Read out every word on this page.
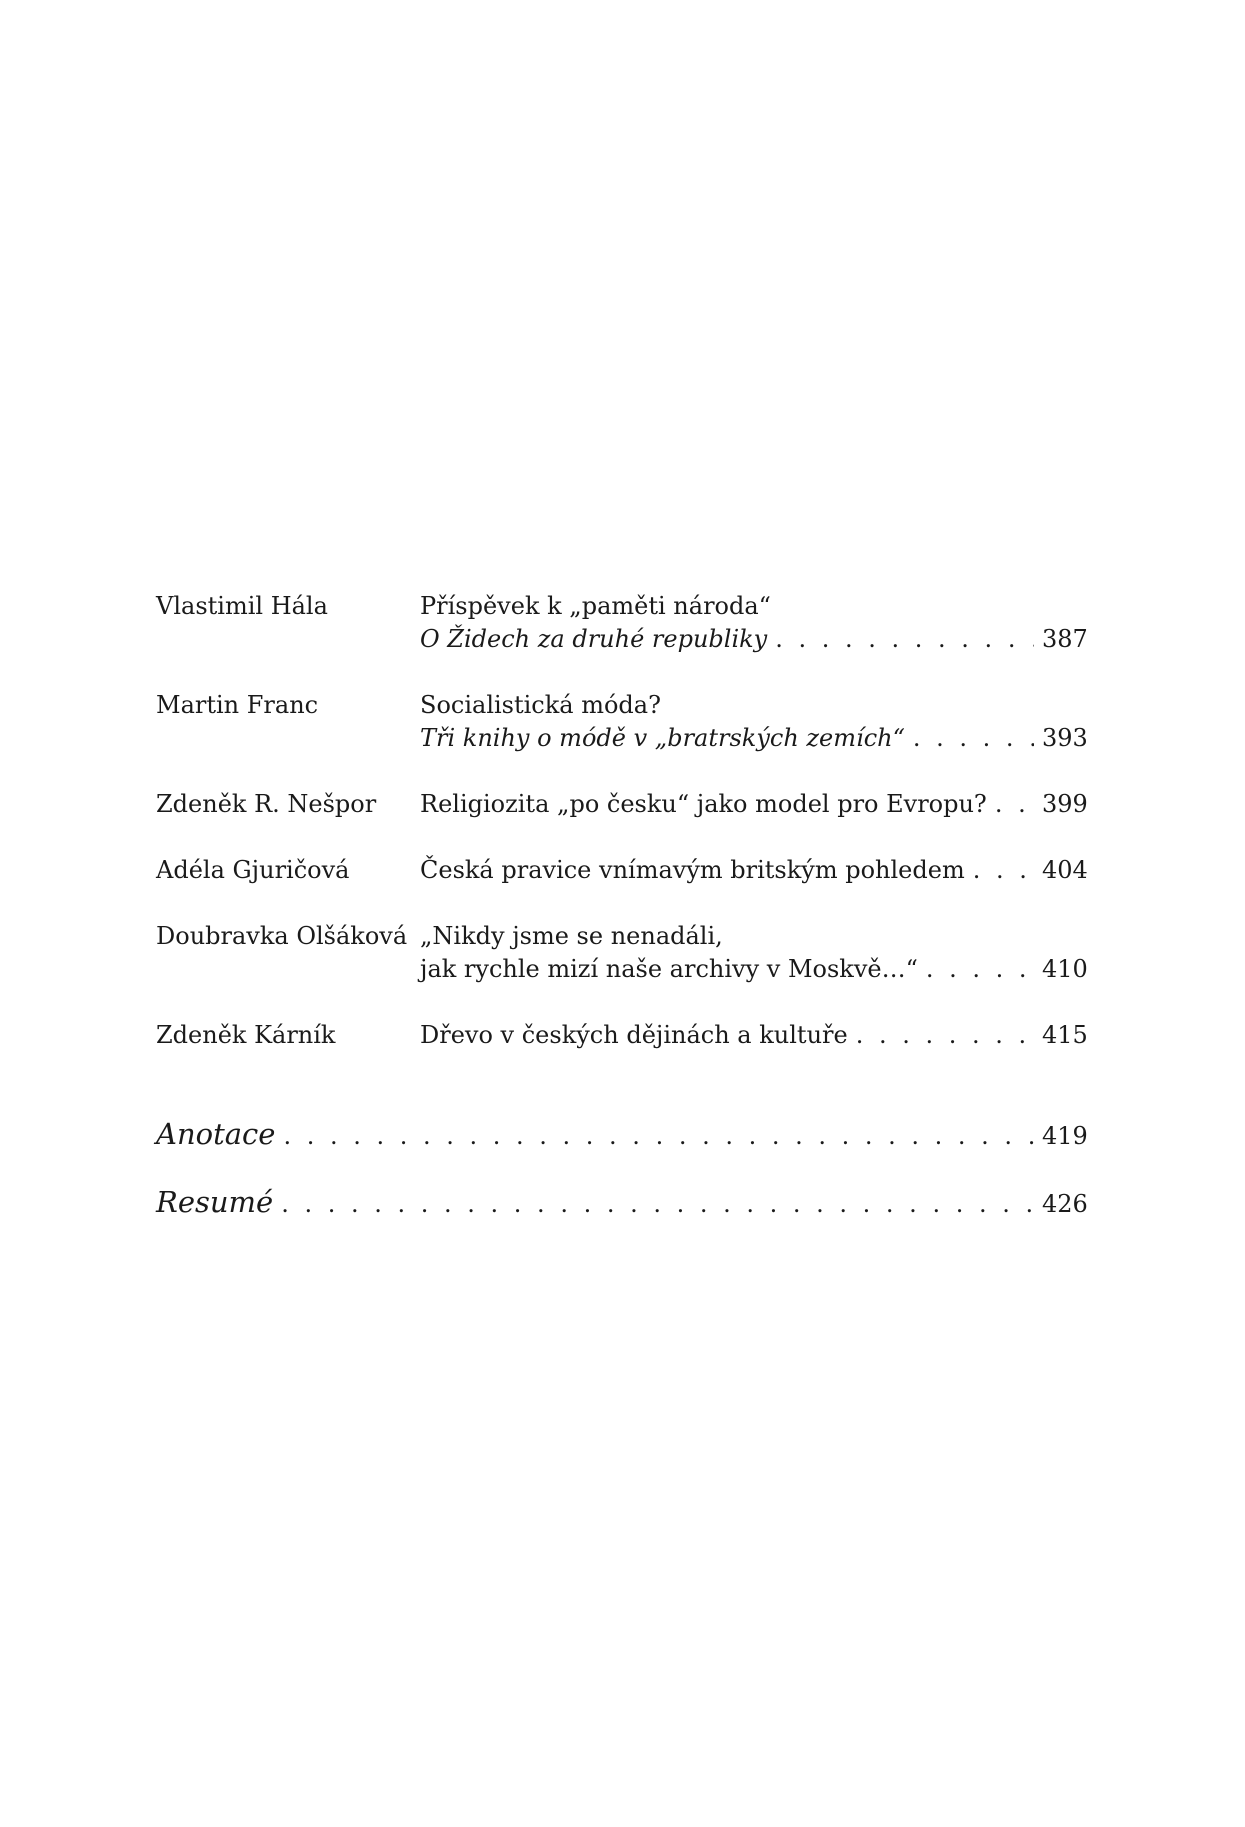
Vlastimil Hála	Příspěvek k „paměti národa“
O Židech za druhé republiky . . .	387
Martin Franc	Socialistická móda?
Tři knihy o módě v „bratrských zemích“ . . .	393
Zdeněk R. Nešpor	Religiozita „po česku“ jako model pro Evropu? . . . 399
Adéla Gjuričová	Česká pravice vnímavým britským pohledem . . .	404
Doubravka Olšáková „Nikdy jsme se nenadáli,
jak rychle mizí naše archivy v Moskvě…“ . . .	410
Zdeněk Kárník	Dřevo v českých dějinách a kultuře . . .	415
Anotace . . .	419
Resumé . . .	426
